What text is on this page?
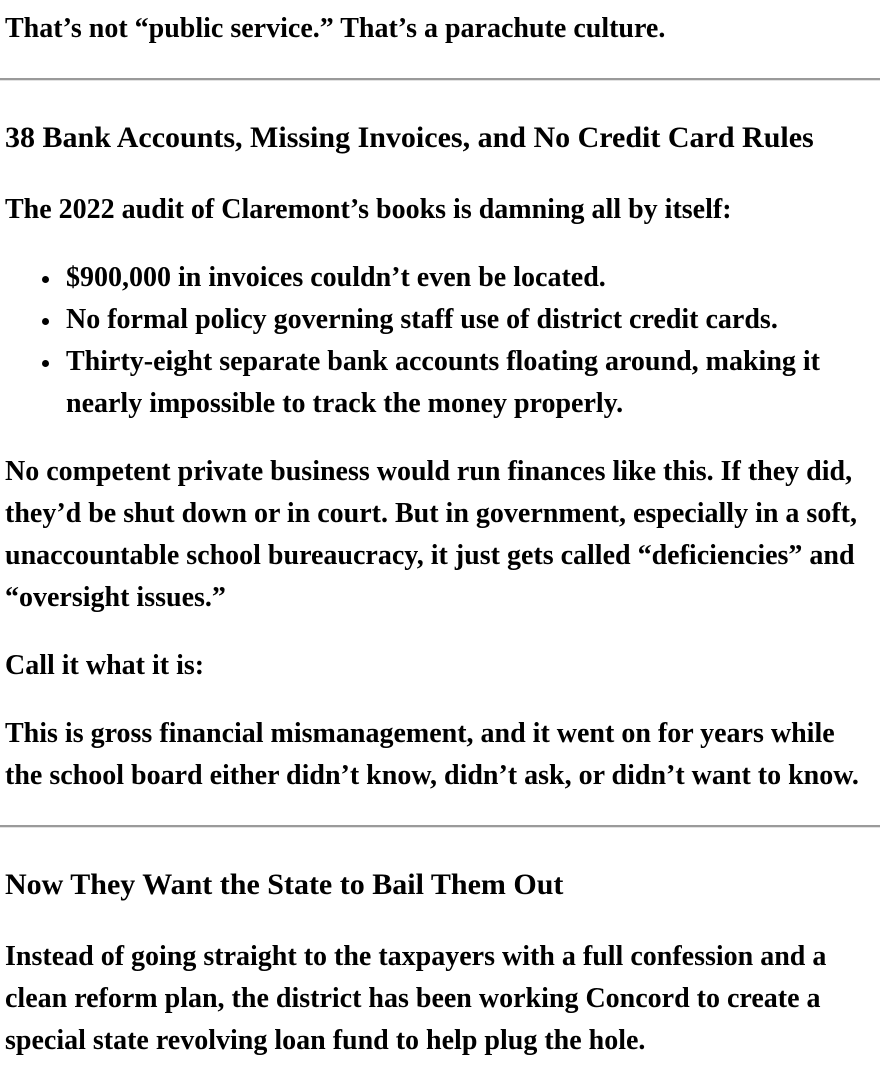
That’s not “public service.” That’s a parachute culture.

38 Bank Accounts, Missing Invoices, and No Credit Card Rules

The 2022 audit of Claremont’s books is damning all by itself:

• $900,000 in invoices couldn’t even be located.
• No formal policy governing staff use of district credit cards.
• Thirty-eight separate bank accounts floating around, making it nearly impossible to track the money properly.

No competent private business would run finances like this. If they did, they’d be shut down or in court. But in government, especially in a soft, unaccountable school bureaucracy, it just gets called “deficiencies” and “oversight issues.”

Call it what it is:

This is gross financial mismanagement, and it went on for years while the school board either didn’t know, didn’t ask, or didn’t want to know.

Now They Want the State to Bail Them Out

Instead of going straight to the taxpayers with a full confession and a clean reform plan, the district has been working Concord to create a special state revolving loan fund to help plug the hole.
